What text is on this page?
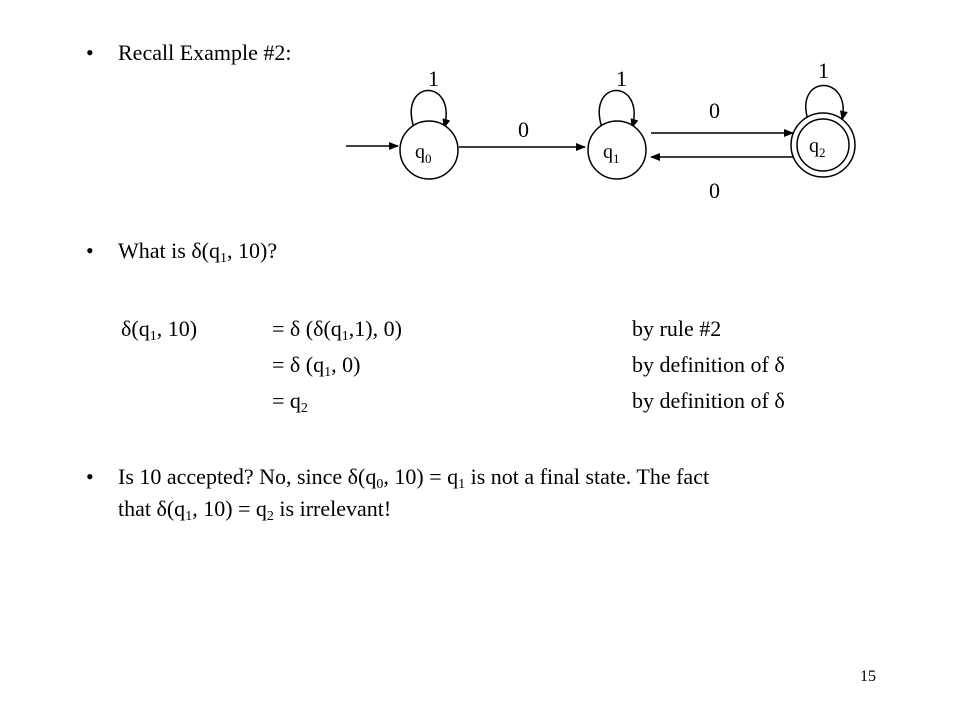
• Recall Example #2:
$q_0$	$q_1$
$q_2$
1	1	1
0
0
0
• What is $\delta(q_1$, 10)?
$\delta(q_1$, 10)	= δ ($\delta(q_1,1)$, 0)	by rule #2
= δ ($q_1$, 0)	by definition of δ
= $q_2$	by definition of δ
• Is 10 accepted? No, since $\delta(q_0$, $10) = q_1$ is not a final state. The fact
that $\delta(q_1$, $10) = q_2$ is irrelevant!
15
